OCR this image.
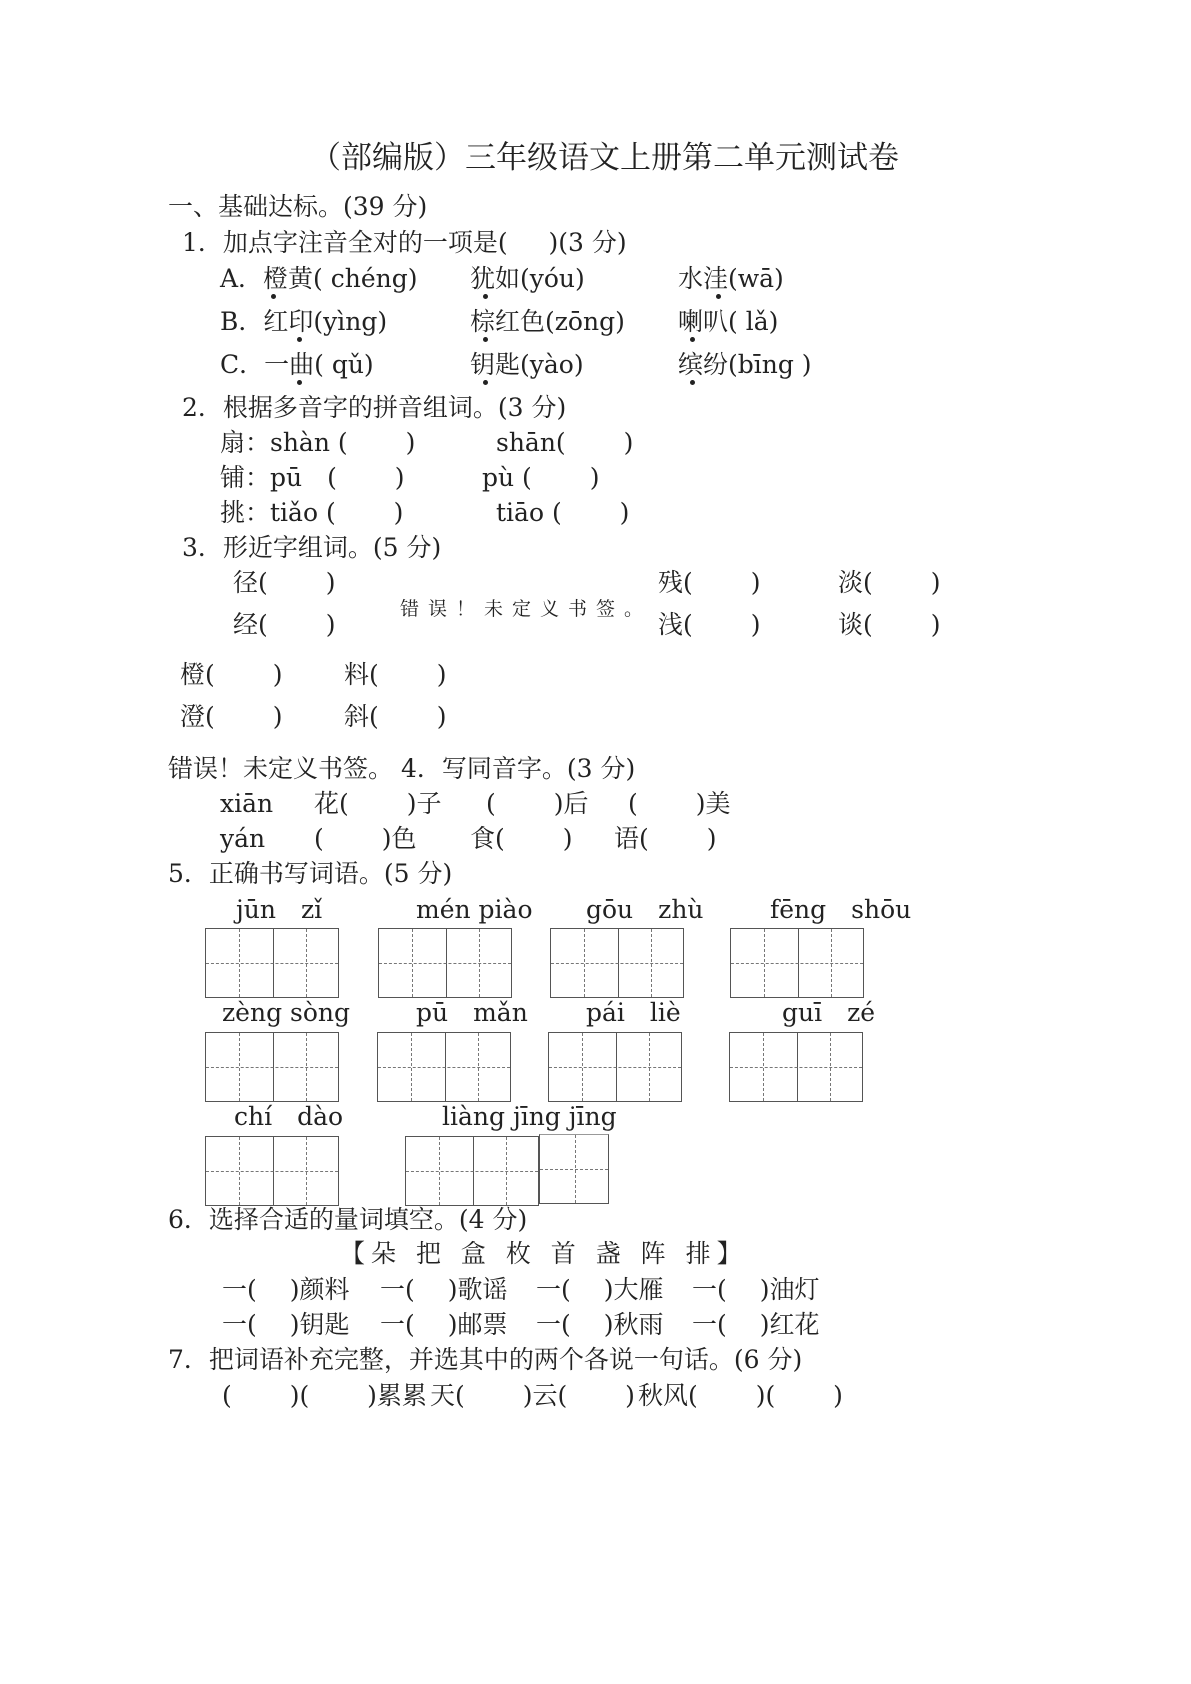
（部编版）三年级语文上册第二单元测试卷
一、基础达标。(39 分)
1．加点字注音全对的一项是(　  )(3 分)
A．橙黄( chéng) 犹如(yóu)	水洼(wā)
B．红印(yìng)	棕红色(zōng) 喇叭( lǎ)
C．一曲( qǔ)	钥匙(yào)	缤纷(bīng )
2．根据多音字的拼音组词。(3 分)
扇：shàn (　　 )	shān(　　 )
铺：pū　(　　 )	pù (　　 )
挑：tiǎo (　　 )	tiāo (　　 )
3．形近字组词。(5 分)
径(　　 )	残(　　 )	淡(　　 )
错误！未定义书签。
经(　　 )	浅(　　 )	谈(　　 )
橙(　　 ) 料(　　 )
澄(　　 ) 斜(　　 )
错误！未定义书签。 4．写同音字。(3 分)
xiān 花(　　 )子 (　　 )后 (　　 )美
yán (　　 )色 食(　　 ) 语(　　 )
5．正确书写词语。(5 分)
jūn　zǐ	mén piào gōu　zhù	fēng　shōu
zèng sòng	pū　mǎn pái　liè	guī　zé
chí　dào	liàng jīng jīng
6．选择合适的量词填空。(4 分)
【朵 把 盒 枚 首 盏 阵 排】
一(　 )颜料 一(　 )歌谣 一(　 )大雁 一(　 )油灯
一(　 )钥匙 一(　 )邮票 一(　 )秋雨 一(　 )红花
7．把词语补充完整，并选其中的两个各说一句话。(6 分)
(　　 )(　　 )累累 天(　　 )云(　　 ) 秋风(　　 )(　　 )
